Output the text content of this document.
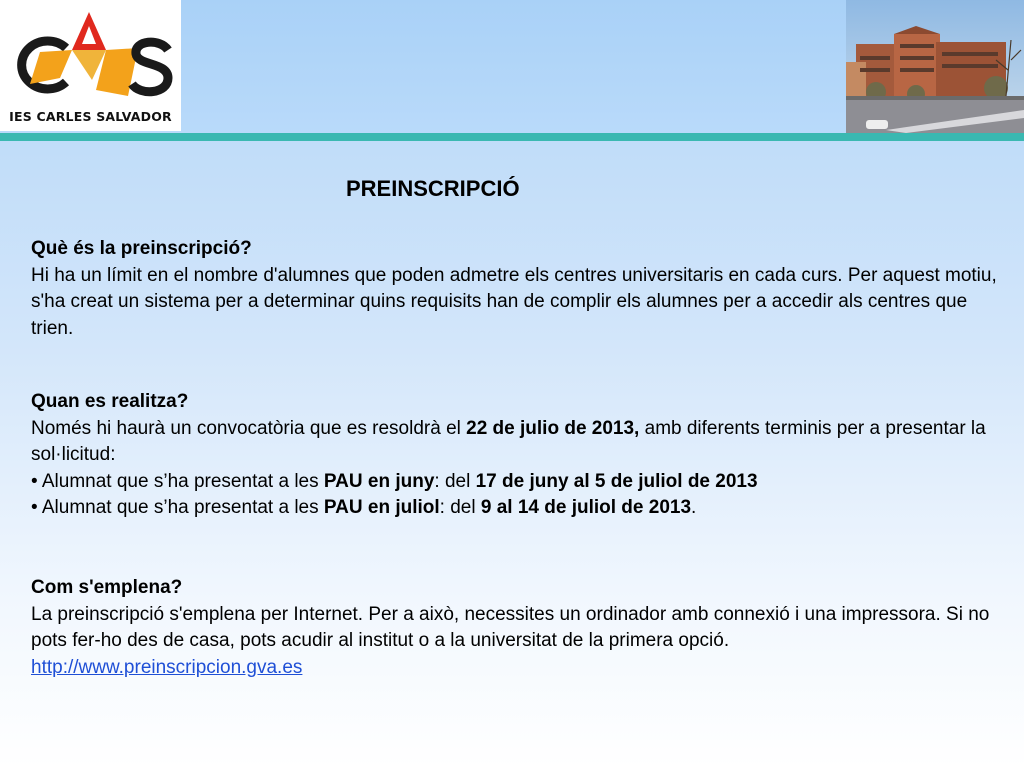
IES CARLES SALVADOR
PREINSCRIPCIÓ
Què és la preinscripció?
Hi ha un límit en el nombre d'alumnes que poden admetre els centres universitaris en cada curs. Per aquest motiu, s'ha creat un sistema per a determinar quins requisits han de complir els alumnes per a accedir als centres que trien.
Quan es realitza?
Només hi haurà un convocatòria que es resoldrà el 22 de julio de 2013, amb diferents terminis per a presentar la sol·licitud:
• Alumnat que s’ha presentat a les PAU en juny: del 17 de juny al 5 de juliol de 2013
• Alumnat que s’ha presentat a les PAU en juliol: del 9 al 14 de juliol de 2013.
Com s'emplena?
La preinscripció s'emplena per Internet. Per a això, necessites un ordinador amb connexió i una impressora. Si no pots fer-ho des de casa, pots acudir al institut o a la universitat de la primera opció.
http://www.preinscripcion.gva.es
